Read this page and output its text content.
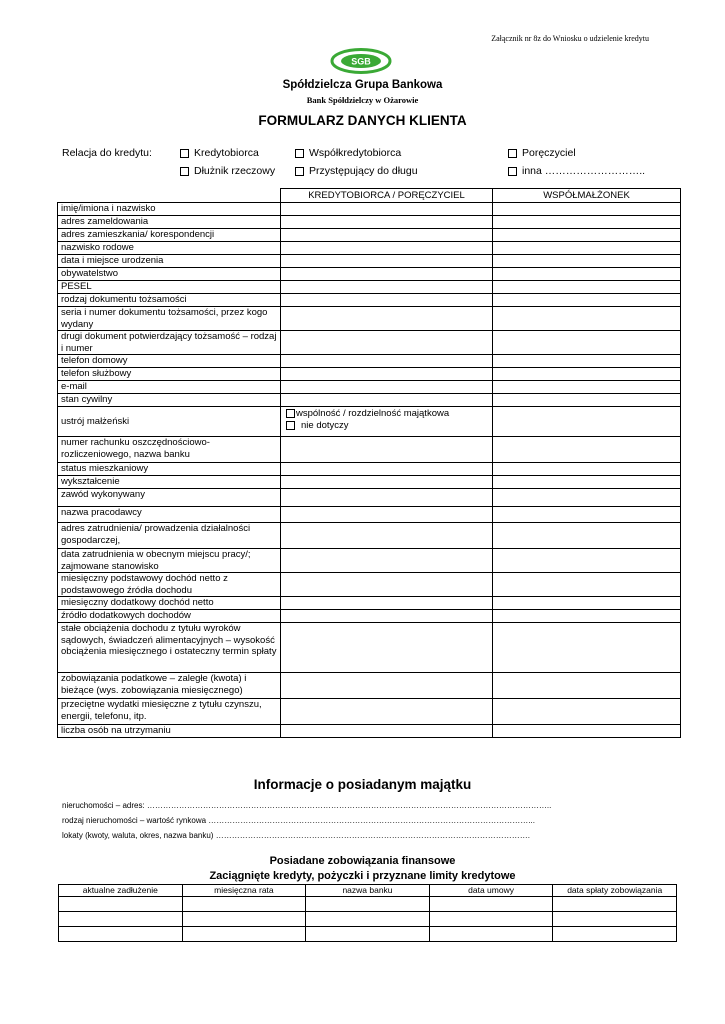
Załącznik nr 8z do Wniosku o udzielenie kredytu
SGB
Spółdzielcza Grupa Bankowa
Bank Spółdzielczy w Ożarowie
FORMULARZ DANYCH KLIENTA
Relacja do kredytu:	Kredytobiorca	Współkredytobiorca	Poręczyciel
Dłużnik rzeczowy	Przystępujący do długu	inna ………………………..
	KREDYTOBIORCA / PORĘCZYCIEL	WSPÓŁMAŁŻONEK
imię/imiona i nazwisko		
adres zameldowania		
adres zamieszkania/ korespondencji		
nazwisko rodowe		
data i miejsce urodzenia		
obywatelstwo		
PESEL		
rodzaj dokumentu tożsamości		
seria i numer dokumentu tożsamości, przez kogo wydany		
drugi dokument potwierdzający tożsamość – rodzaj i numer		
telefon domowy		
telefon służbowy		
e-mail		
stan cywilny		
ustrój małżeński	wspólność / rozdzielność majątkowa
nie dotyczy	

numer rachunku oszczędnościowo-rozliczeniowego, nazwa banku		
status mieszkaniowy		
wykształcenie		
zawód wykonywany		
nazwa pracodawcy		
adres zatrudnienia/ prowadzenia działalności gospodarczej,		
data zatrudnienia w obecnym miejscu pracy/; zajmowane stanowisko		
miesięczny podstawowy dochód netto z podstawowego źródła dochodu		
miesięczny dodatkowy dochód netto		
źródło dodatkowych dochodów		
stałe obciążenia dochodu z tytułu wyroków sądowych, świadczeń alimentacyjnych – wysokość obciążenia miesięcznego i ostateczny termin spłaty		
zobowiązania podatkowe – zaległe (kwota) i bieżące (wys. zobowiązania miesięcznego)		
przeciętne wydatki miesięczne z tytułu czynszu, energii, telefonu, itp.		
liczba osób na utrzymaniu		
Informacje o posiadanym majątku
nieruchomości – adres: ……………………………………………………………………………………………………………………………………..
rodzaj nieruchomości – wartość rynkowa …………………………………………………………………………………………………………...
lokaty (kwoty, waluta, okres, nazwa banku) ……………………………………………………………………………………………………….
Posiadane zobowiązania finansowe
Zaciągnięte kredyty, pożyczki i przyznane limity kredytowe
aktualne zadłużenie	miesięczna rata	nazwa banku	data umowy	data spłaty zobowiązania
